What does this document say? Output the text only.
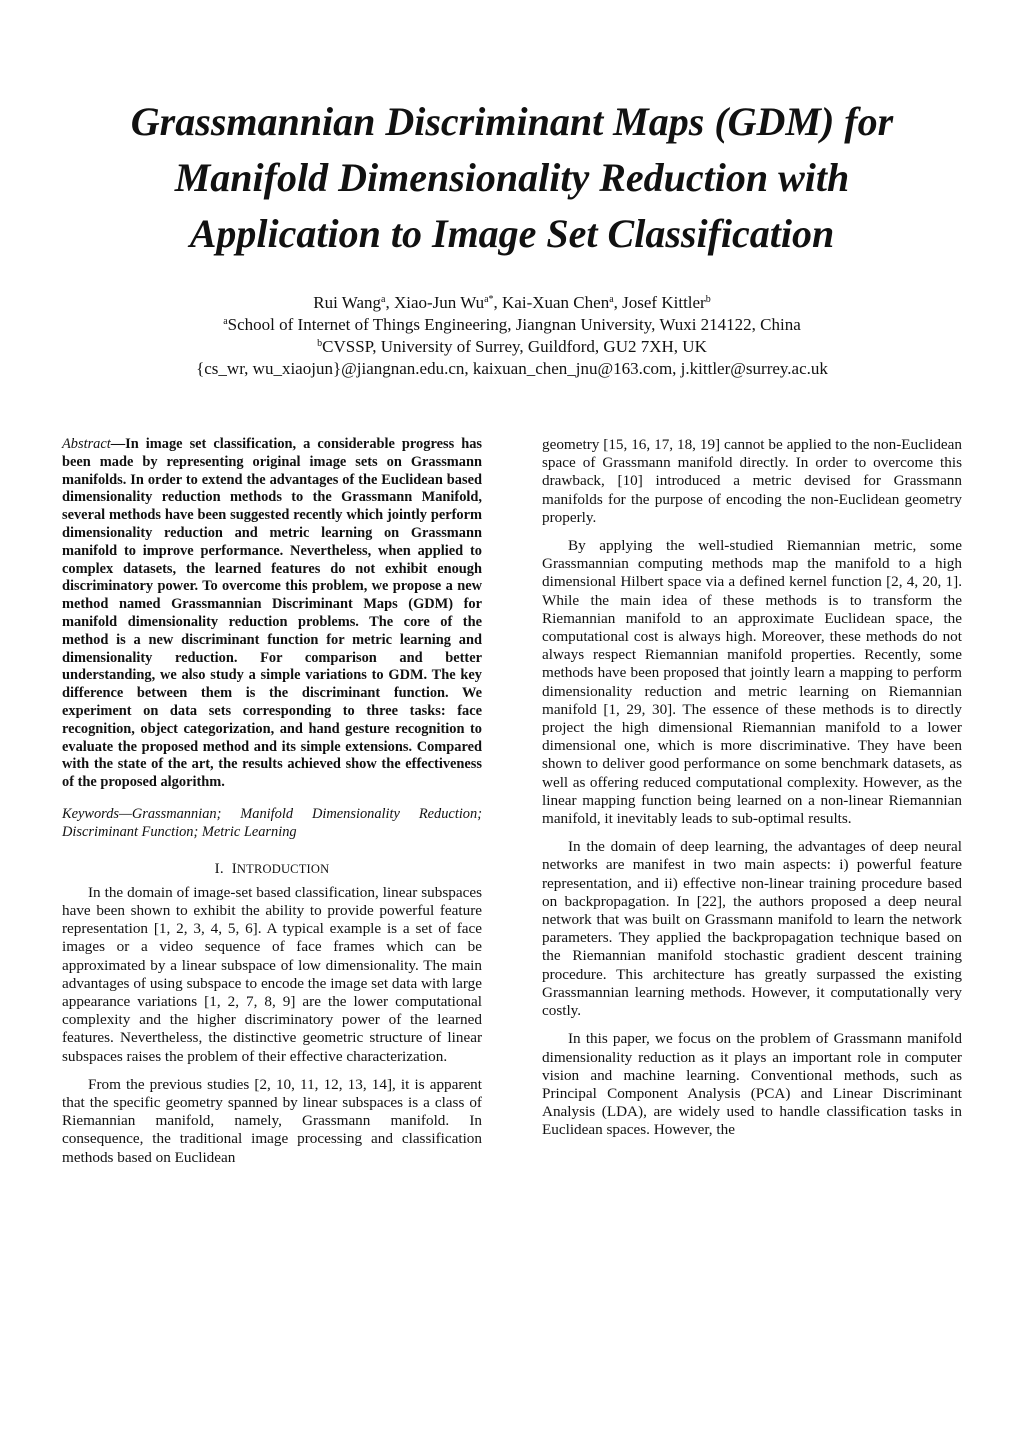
Grassmannian Discriminant Maps (GDM) for
Manifold Dimensionality Reduction with
Application to Image Set Classification
Rui Wang$^a$, Xiao-Jun $Wu^{a*}$, Kai-Xuan Chen$^a$, Josef Kittler$^b$
$^a$School of Internet of Things Engineering, Jiangnan University, Wuxi 214122, China
$^b$CVSSP, University of Surrey, Guildford, GU2 7XH, UK
{cs_wr, wu_xiaojun}@jiangnan.edu.cn, kaixuan_chen_jnu@163.com, j.kittler@surrey.ac.uk

Abstract—In image set classification, a considerable progress has been made by representing original image sets on Grassmann manifolds. In order to extend the advantages of the Euclidean based dimensionality reduction methods to the Grassmann Manifold, several methods have been suggested recently which jointly perform dimensionality reduction and metric learning on Grassmann manifold to improve performance. Nevertheless, when applied to complex datasets, the learned features do not exhibit enough discriminatory power. To overcome this problem, we propose a new method named Grassmannian Discriminant Maps (GDM) for manifold dimensionality reduction problems. The core of the method is a new discriminant function for metric learning and dimensionality reduction. For comparison and better understanding, we also study a simple variations to GDM. The key difference between them is the discriminant function. We experiment on data sets corresponding to three tasks: face recognition, object categorization, and hand gesture recognition to evaluate the proposed method and its simple extensions. Compared with the state of the art, the results achieved show the effectiveness of the proposed algorithm.

Keywords—Grassmannian; Manifold Dimensionality Reduction; Discriminant Function; Metric Learning

I. INTRODUCTION

In the domain of image-set based classification, linear subspaces have been shown to exhibit the ability to provide powerful feature representation [1, 2, 3, 4, 5, 6]. A typical example is a set of face images or a video sequence of face frames which can be approximated by a linear subspace of low dimensionality. The main advantages of using subspace to encode the image set data with large appearance variations [1, 2, 7, 8, 9] are the lower computational complexity and the higher discriminatory power of the learned features. Nevertheless, the distinctive geometric structure of linear subspaces raises the problem of their effective characterization.

From the previous studies [2, 10, 11, 12, 13, 14], it is apparent that the specific geometry spanned by linear subspaces is a class of Riemannian manifold, namely, Grassmann manifold. In consequence, the traditional image processing and classification methods based on Euclidean

geometry [15, 16, 17, 18, 19] cannot be applied to the non-Euclidean space of Grassmann manifold directly. In order to overcome this drawback, [10] introduced a metric devised for Grassmann manifolds for the purpose of encoding the non-Euclidean geometry properly.

By applying the well-studied Riemannian metric, some Grassmannian computing methods map the manifold to a high dimensional Hilbert space via a defined kernel function [2, 4, 20, 1]. While the main idea of these methods is to transform the Riemannian manifold to an approximate Euclidean space, the computational cost is always high. Moreover, these methods do not always respect Riemannian manifold properties. Recently, some methods have been proposed that jointly learn a mapping to perform dimensionality reduction and metric learning on Riemannian manifold [1, 29, 30]. The essence of these methods is to directly project the high dimensional Riemannian manifold to a lower dimensional one, which is more discriminative. They have been shown to deliver good performance on some benchmark datasets, as well as offering reduced computational complexity. However, as the linear mapping function being learned on a non-linear Riemannian manifold, it inevitably leads to sub-optimal results.

In the domain of deep learning, the advantages of deep neural networks are manifest in two main aspects: i) powerful feature representation, and ii) effective non-linear training procedure based on backpropagation. In [22], the authors proposed a deep neural network that was built on Grassmann manifold to learn the network parameters. They applied the backpropagation technique based on the Riemannian manifold stochastic gradient descent training procedure. This architecture has greatly surpassed the existing Grassmannian learning methods. However, it computationally very costly.

In this paper, we focus on the problem of Grassmann manifold dimensionality reduction as it plays an important role in computer vision and machine learning. Conventional methods, such as Principal Component Analysis (PCA) and Linear Discriminant Analysis (LDA), are widely used to handle classification tasks in Euclidean spaces. However, the
